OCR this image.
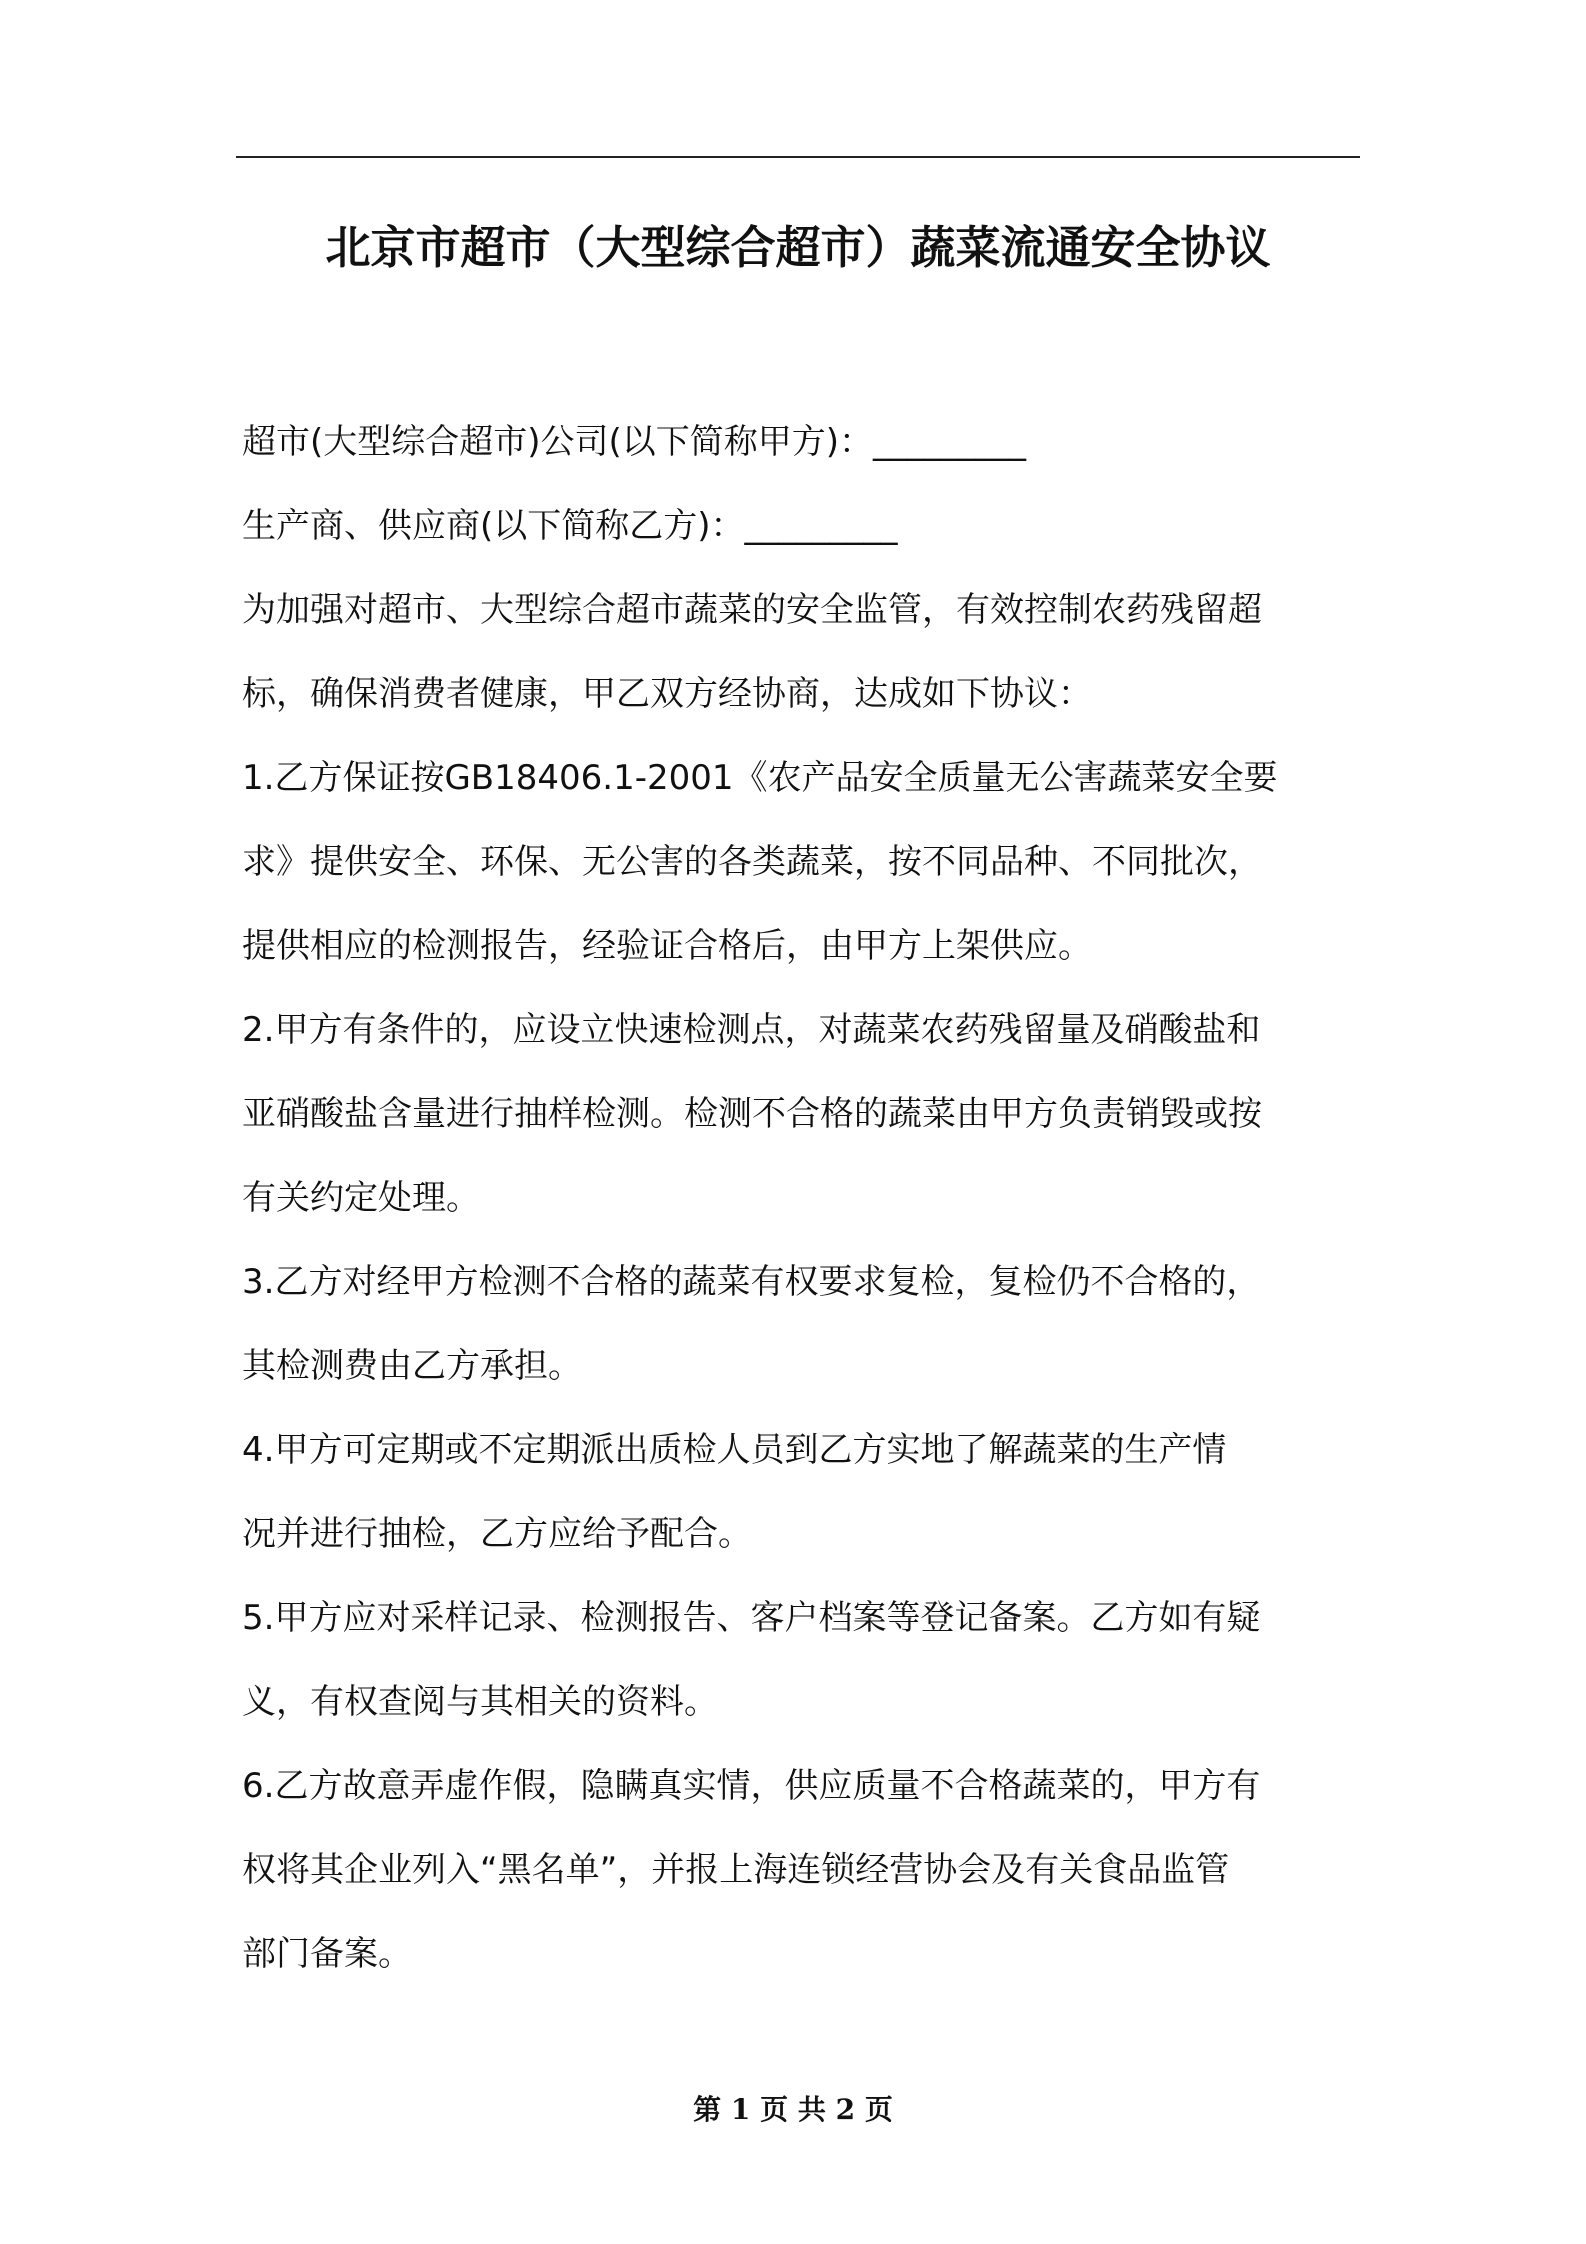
北京市超市（大型综合超市）蔬菜流通安全协议
超市(大型综合超市)公司(以下简称甲方)：_________
生产商、供应商(以下简称乙方)：_________
为加强对超市、大型综合超市蔬菜的安全监管，有效控制农药残留超
标，确保消费者健康，甲乙双方经协商，达成如下协议：
1.乙方保证按GB18406.1-2001《农产品安全质量无公害蔬菜安全要
求》提供安全、环保、无公害的各类蔬菜，按不同品种、不同批次，
提供相应的检测报告，经验证合格后，由甲方上架供应。
2.甲方有条件的，应设立快速检测点，对蔬菜农药残留量及硝酸盐和
亚硝酸盐含量进行抽样检测。检测不合格的蔬菜由甲方负责销毁或按
有关约定处理。
3.乙方对经甲方检测不合格的蔬菜有权要求复检，复检仍不合格的，
其检测费由乙方承担。
4.甲方可定期或不定期派出质检人员到乙方实地了解蔬菜的生产情
况并进行抽检，乙方应给予配合。
5.甲方应对采样记录、检测报告、客户档案等登记备案。乙方如有疑
义，有权查阅与其相关的资料。
6.乙方故意弄虚作假，隐瞒真实情，供应质量不合格蔬菜的，甲方有
权将其企业列入“黑名单”，并报上海连锁经营协会及有关食品监管
部门备案。
第 1 页 共 2 页
